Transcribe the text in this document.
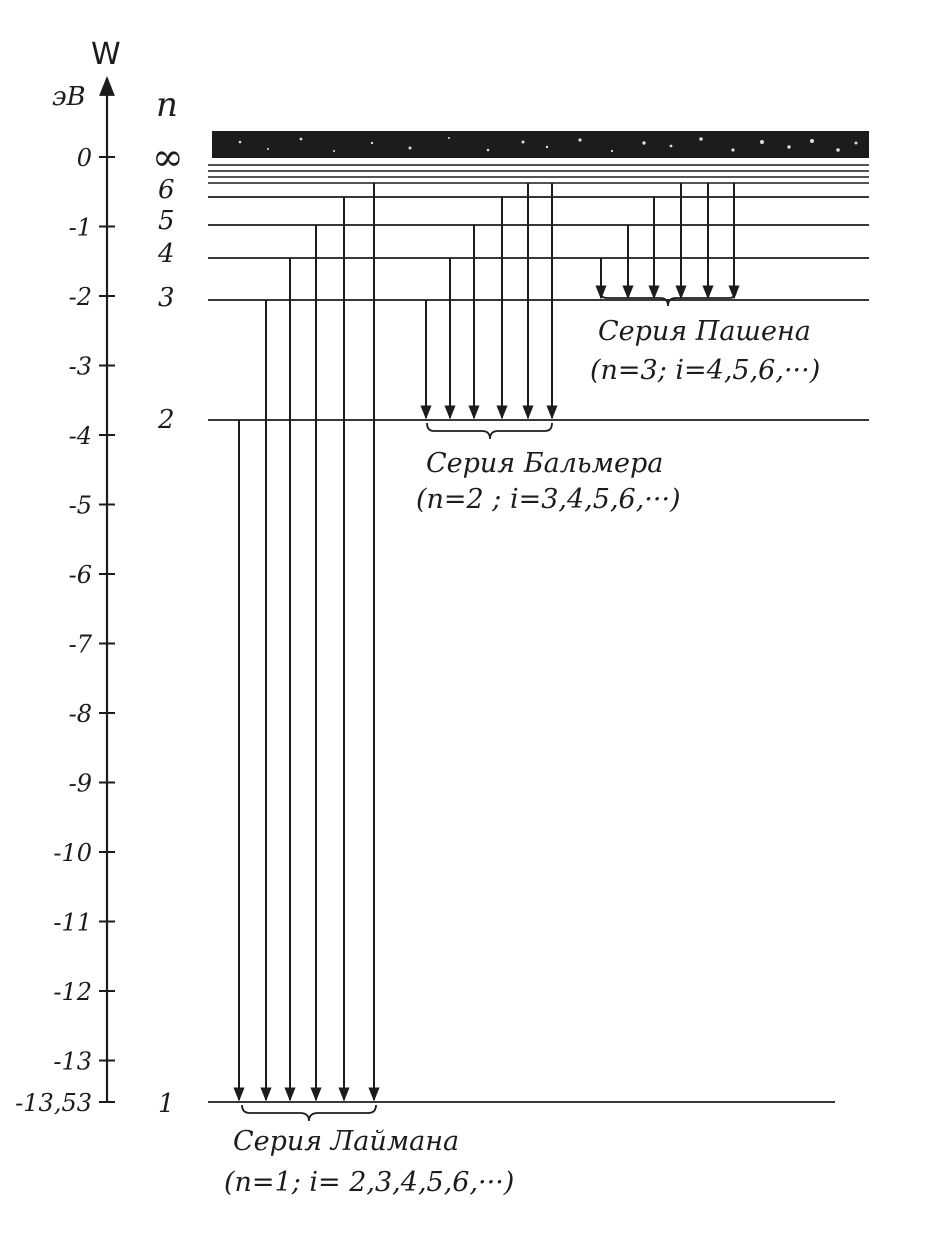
W
эВ
0
-1
-2
-3
-4
-5
-6
-7
-8
-9
-10
-11
-12
-13
-13,53
n
∞
6
5
4
3
2
1
Серия Лаймана
(n=1; i= 2,3,4,5,6,···)
Серия Бальмера
(n=2 ; i=3,4,5,6,···)
Серия Пашена
(n=3; i=4,5,6,···)
